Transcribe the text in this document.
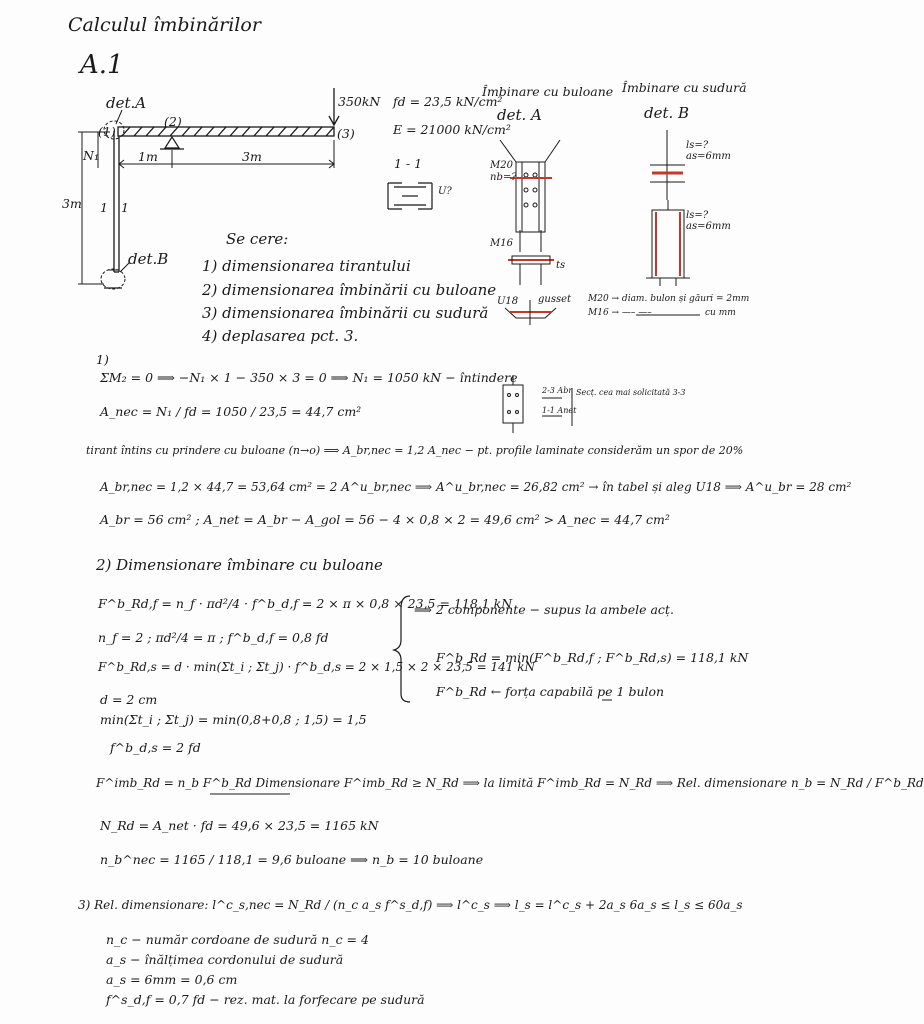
Calculul îmbinărilor
A.1
det.A
(1)
(2)
(3)
350kN
N₁	1m	3m
3m 1 1
det.B
fd = 23,5 kN/cm²
E = 21000 kN/cm²
1 - 1
U?
Îmbinare cu buloane
det. A
Îmbinare cu sudură
det. B
M20
nb=?
M16
ts
ls=?
as=6mm
ls=?
as=6mm
U18 gusset M20 → diam. bulon și găuri = 2mm
M16 → —– —–	cu mm
Se cere:
1) dimensionarea tirantului
2) dimensionarea îmbinării cu buloane
3) dimensionarea îmbinării cu sudură
4) deplasarea pct. 3.
1)
ΣM₂ = 0 ⟹ −N₁ × 1 − 350 × 3 = 0 ⟹ N₁ = 1050 kN − întindere
A_nec = N₁ / fd = 1050 / 23,5 = 44,7 cm²
2-3 Abr Secț. cea mai solicitată 3-3
1-1 Anet
tirant întins cu prindere cu buloane (n→o) ⟹ A_br,nec = 1,2 A_nec − pt. profile laminate considerăm un spor de 20%
A_br,nec = 1,2 × 44,7 = 53,64 cm² = 2 A^u_br,nec ⟹ A^u_br,nec = 26,82 cm² → în tabel și aleg U18 ⟹ A^u_br = 28 cm²
A_br = 56 cm² ; A_net = A_br − A_gol = 56 − 4 × 0,8 × 2 = 49,6 cm² > A_nec = 44,7 cm²
2) Dimensionare îmbinare cu buloane
F^b_Rd,f = n_f · πd²/4 · f^b_d,f = 2 × π × 0,8 × 23,5 = 118,1 kN
n_f = 2 ; πd²/4 = π ; f^b_d,f = 0,8 fd
F^b_Rd,s = d · min(Σt_i ; Σt_j) · f^b_d,s = 2 × 1,5 × 2 × 23,5 = 141 kN
d = 2 cm
min(Σt_i ; Σt_j) = min(0,8+0,8 ; 1,5) = 1,5
f^b_d,s = 2 fd
⟹ 2 componente − supus la ambele acț.
F^b_Rd = min(F^b_Rd,f ; F^b_Rd,s) = 118,1 kN
F^b_Rd ← forța capabilă pe 1 bulon
F^imb_Rd = n_b F^b_Rd Dimensionare F^imb_Rd ≥ N_Rd ⟹ la limită F^imb_Rd = N_Rd ⟹ Rel. dimensionare n_b = N_Rd / F^b_Rd
N_Rd = A_net · fd = 49,6 × 23,5 = 1165 kN
n_b^nec = 1165 / 118,1 = 9,6 buloane ⟹ n_b = 10 buloane
3) Rel. dimensionare: l^c_s,nec = N_Rd / (n_c a_s f^s_d,f) ⟹ l^c_s ⟹ l_s = l^c_s + 2a_s 6a_s ≤ l_s ≤ 60a_s
n_c − număr cordoane de sudură n_c = 4
a_s − înălțimea cordonului de sudură
a_s = 6mm = 0,6 cm
f^s_d,f = 0,7 fd − rez. mat. la forfecare pe sudură
